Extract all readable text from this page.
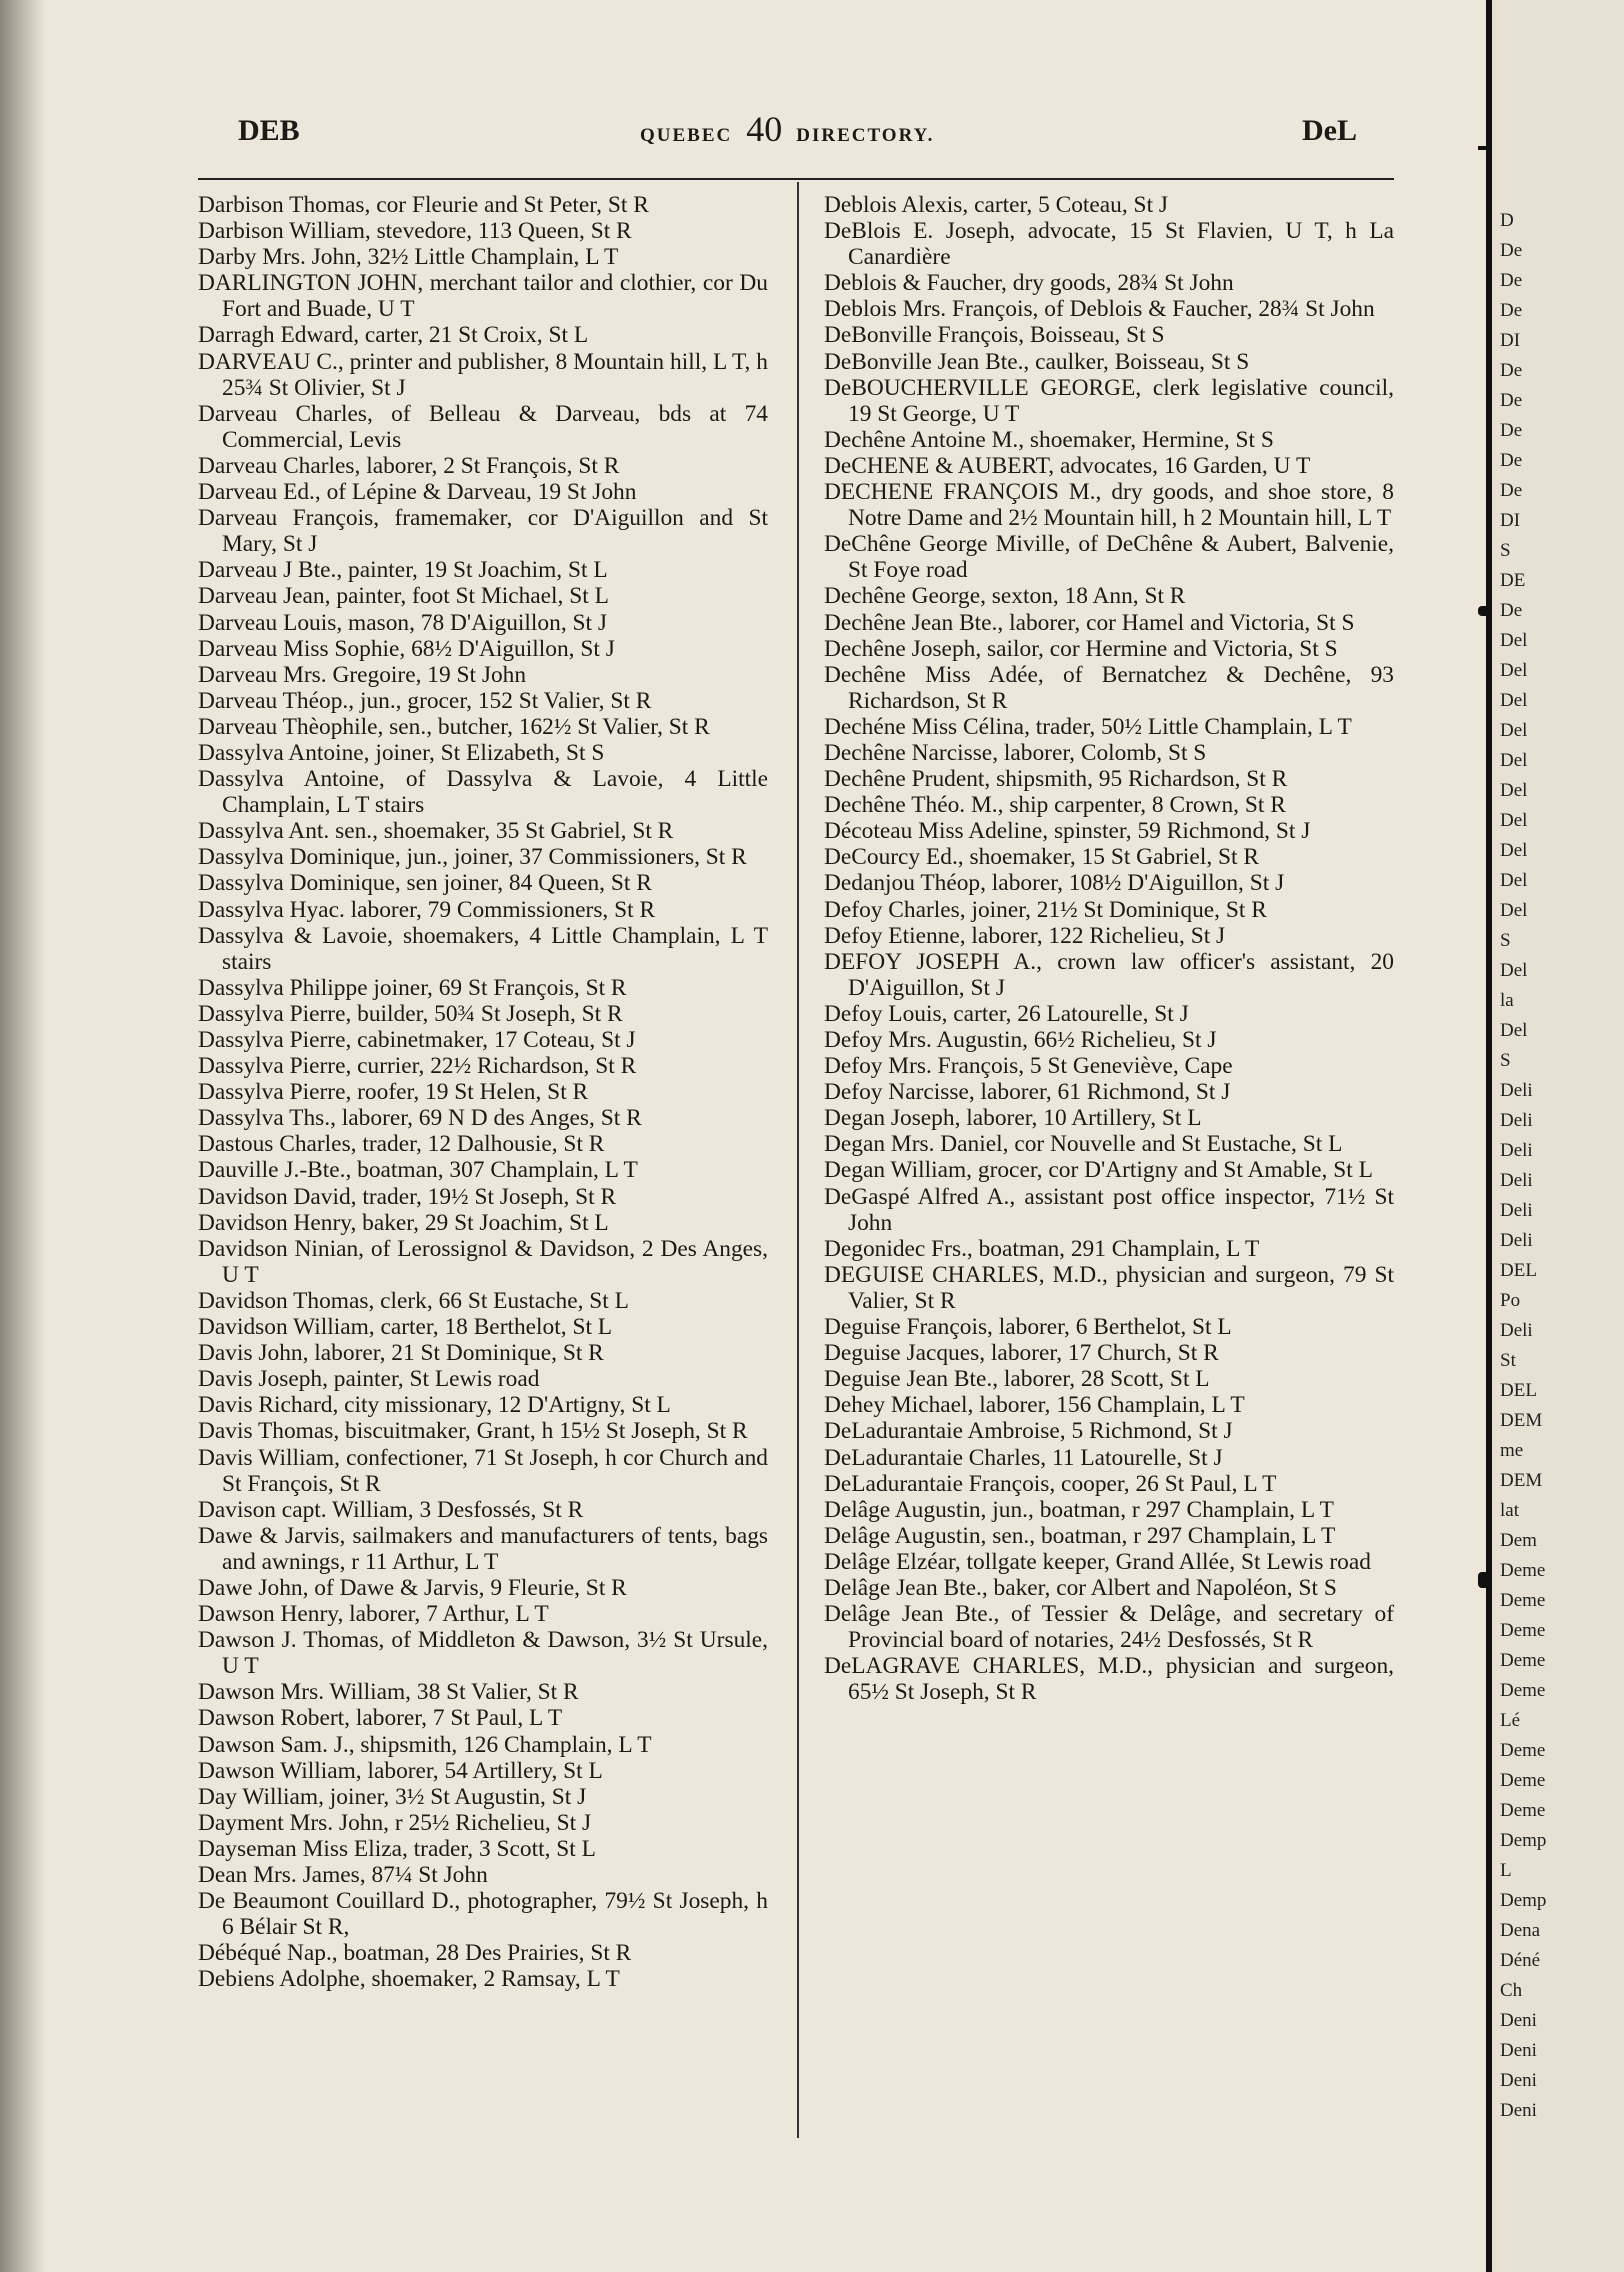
DEB	QUEBEC 40 DIRECTORY.	DeL
Darbison Thomas, cor Fleurie and St Peter, St R
Darbison William, stevedore, 113 Queen, St R
Darby Mrs. John, 32½ Little Champlain, L T
DARLINGTON JOHN, merchant tailor and clothier, cor Du Fort and Buade, U T
Darragh Edward, carter, 21 St Croix, St L
DARVEAU C., printer and publisher, 8 Mountain hill, L T, h 25¾ St Olivier, St J
Darveau Charles, of Belleau & Darveau, bds at 74 Commercial, Levis
Darveau Charles, laborer, 2 St François, St R
Darveau Ed., of Lépine & Darveau, 19 St John
Darveau François, framemaker, cor D'Aiguillon and St Mary, St J
Darveau J Bte., painter, 19 St Joachim, St L
Darveau Jean, painter, foot St Michael, St L
Darveau Louis, mason, 78 D'Aiguillon, St J
Darveau Miss Sophie, 68½ D'Aiguillon, St J
Darveau Mrs. Gregoire, 19 St John
Darveau Théop., jun., grocer, 152 St Valier, St R
Darveau Thèophile, sen., butcher, 162½ St Valier, St R
Dassylva Antoine, joiner, St Elizabeth, St S
Dassylva Antoine, of Dassylva & Lavoie, 4 Little Champlain, L T stairs
Dassylva Ant. sen., shoemaker, 35 St Gabriel, St R
Dassylva Dominique, jun., joiner, 37 Commissioners, St R
Dassylva Dominique, sen joiner, 84 Queen, St R
Dassylva Hyac. laborer, 79 Commissioners, St R
Dassylva & Lavoie, shoemakers, 4 Little Champlain, L T stairs
Dassylva Philippe joiner, 69 St François, St R
Dassylva Pierre, builder, 50¾ St Joseph, St R
Dassylva Pierre, cabinetmaker, 17 Coteau, St J
Dassylva Pierre, currier, 22½ Richardson, St R
Dassylva Pierre, roofer, 19 St Helen, St R
Dassylva Ths., laborer, 69 N D des Anges, St R
Dastous Charles, trader, 12 Dalhousie, St R
Dauville J.-Bte., boatman, 307 Champlain, L T
Davidson David, trader, 19½ St Joseph, St R
Davidson Henry, baker, 29 St Joachim, St L
Davidson Ninian, of Lerossignol & Davidson, 2 Des Anges, U T
Davidson Thomas, clerk, 66 St Eustache, St L
Davidson William, carter, 18 Berthelot, St L
Davis John, laborer, 21 St Dominique, St R
Davis Joseph, painter, St Lewis road
Davis Richard, city missionary, 12 D'Artigny, St L
Davis Thomas, biscuitmaker, Grant, h 15½ St Joseph, St R
Davis William, confectioner, 71 St Joseph, h cor Church and St François, St R
Davison capt. William, 3 Desfossés, St R
Dawe & Jarvis, sailmakers and manufacturers of tents, bags and awnings, r 11 Arthur, L T
Dawe John, of Dawe & Jarvis, 9 Fleurie, St R
Dawson Henry, laborer, 7 Arthur, L T
Dawson J. Thomas, of Middleton & Dawson, 3½ St Ursule, U T
Dawson Mrs. William, 38 St Valier, St R
Dawson Robert, laborer, 7 St Paul, L T
Dawson Sam. J., shipsmith, 126 Champlain, L T
Dawson William, laborer, 54 Artillery, St L
Day William, joiner, 3½ St Augustin, St J
Dayment Mrs. John, r 25½ Richelieu, St J
Dayseman Miss Eliza, trader, 3 Scott, St L
Dean Mrs. James, 87¼ St John
De Beaumont Couillard D., photographer, 79½ St Joseph, h 6 Bélair St R,
Débéqué Nap., boatman, 28 Des Prairies, St R
Debiens Adolphe, shoemaker, 2 Ramsay, L T
Deblois Alexis, carter, 5 Coteau, St J
DeBlois E. Joseph, advocate, 15 St Flavien, U T, h La Canardière
Deblois & Faucher, dry goods, 28¾ St John
Deblois Mrs. François, of Deblois & Faucher, 28¾ St John
DeBonville François, Boisseau, St S
DeBonville Jean Bte., caulker, Boisseau, St S
DeBOUCHERVILLE GEORGE, clerk legislative council, 19 St George, U T
Dechêne Antoine M., shoemaker, Hermine, St S
DeCHENE & AUBERT, advocates, 16 Garden, U T
DECHENE FRANÇOIS M., dry goods, and shoe store, 8 Notre Dame and 2½ Mountain hill, h 2 Mountain hill, L T
DeChêne George Miville, of DeChêne & Aubert, Balvenie, St Foye road
Dechêne George, sexton, 18 Ann, St R
Dechêne Jean Bte., laborer, cor Hamel and Victoria, St S
Dechêne Joseph, sailor, cor Hermine and Victoria, St S
Dechêne Miss Adée, of Bernatchez & Dechêne, 93 Richardson, St R
Dechéne Miss Célina, trader, 50½ Little Champlain, L T
Dechêne Narcisse, laborer, Colomb, St S
Dechêne Prudent, shipsmith, 95 Richardson, St R
Dechêne Théo. M., ship carpenter, 8 Crown, St R
Décoteau Miss Adeline, spinster, 59 Richmond, St J
DeCourcy Ed., shoemaker, 15 St Gabriel, St R
Dedanjou Théop, laborer, 108½ D'Aiguillon, St J
Defoy Charles, joiner, 21½ St Dominique, St R
Defoy Etienne, laborer, 122 Richelieu, St J
DEFOY JOSEPH A., crown law officer's assistant, 20 D'Aiguillon, St J
Defoy Louis, carter, 26 Latourelle, St J
Defoy Mrs. Augustin, 66½ Richelieu, St J
Defoy Mrs. François, 5 St Geneviève, Cape
Defoy Narcisse, laborer, 61 Richmond, St J
Degan Joseph, laborer, 10 Artillery, St L
Degan Mrs. Daniel, cor Nouvelle and St Eustache, St L
Degan William, grocer, cor D'Artigny and St Amable, St L
DeGaspé Alfred A., assistant post office inspector, 71½ St John
Degonidec Frs., boatman, 291 Champlain, L T
DEGUISE CHARLES, M.D., physician and surgeon, 79 St Valier, St R
Deguise François, laborer, 6 Berthelot, St L
Deguise Jacques, laborer, 17 Church, St R
Deguise Jean Bte., laborer, 28 Scott, St L
Dehey Michael, laborer, 156 Champlain, L T
DeLadurantaie Ambroise, 5 Richmond, St J
DeLadurantaie Charles, 11 Latourelle, St J
DeLadurantaie François, cooper, 26 St Paul, L T
Delâge Augustin, jun., boatman, r 297 Champlain, L T
Delâge Augustin, sen., boatman, r 297 Champlain, L T
Delâge Elzéar, tollgate keeper, Grand Allée, St Lewis road
Delâge Jean Bte., baker, cor Albert and Napoléon, St S
Delâge Jean Bte., of Tessier & Delâge, and secretary of Provincial board of notaries, 24½ Desfossés, St R
DeLAGRAVE CHARLES, M.D., physician and surgeon, 65½ St Joseph, St R
D
De
De
De
DI
De
De
De
De
De
DI
S
DE
De
Del
Del
Del
Del
Del
Del
Del
Del
Del
Del
S
Del
la
Del
S
Deli
Deli
Deli
Deli
Deli
Deli
DEL
Po
Deli
St
DEL
DEM
me
DEM
lat
Dem
Deme
Deme
Deme
Deme
Deme
Lé
Deme
Deme
Deme
Demp
L
Demp
Dena
Déné
Ch
Deni
Deni
Deni
Deni
